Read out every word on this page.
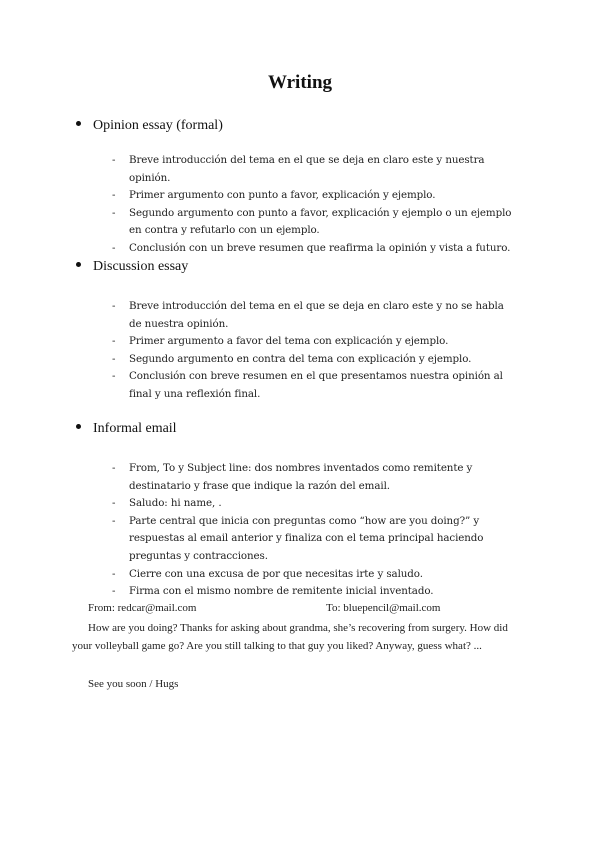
Writing
Opinion essay (formal)
- Breve introducción del tema en el que se deja en claro este y nuestra opinión.
- Primer argumento con punto a favor, explicación y ejemplo.
- Segundo argumento con punto a favor, explicación y ejemplo o un ejemplo en contra y refutarlo con un ejemplo.
- Conclusión con un breve resumen que reafirma la opinión y vista a futuro.
Discussion essay
- Breve introducción del tema en el que se deja en claro este y no se habla de nuestra opinión.
- Primer argumento a favor del tema con explicación y ejemplo.
- Segundo argumento en contra del tema con explicación y ejemplo.
- Conclusión con breve resumen en el que presentamos nuestra opinión al final y una reflexión final.
Informal email
- From, To y Subject line: dos nombres inventados como remitente y destinatario y frase que indique la razón del email.
- Saludo: hi name, .
- Parte central que inicia con preguntas como “how are you doing?” y respuestas al email anterior y finaliza con el tema principal haciendo preguntas y contracciones.
- Cierre con una excusa de por que necesitas irte y saludo.
- Firma con el mismo nombre de remitente inicial inventado.
From: redcar@mail.com	To: bluepencil@mail.com
How are you doing? Thanks for asking about grandma, she’s recovering from surgery. How did your volleyball game go? Are you still talking to that guy you liked? Anyway, guess what? ...
See you soon / Hugs
